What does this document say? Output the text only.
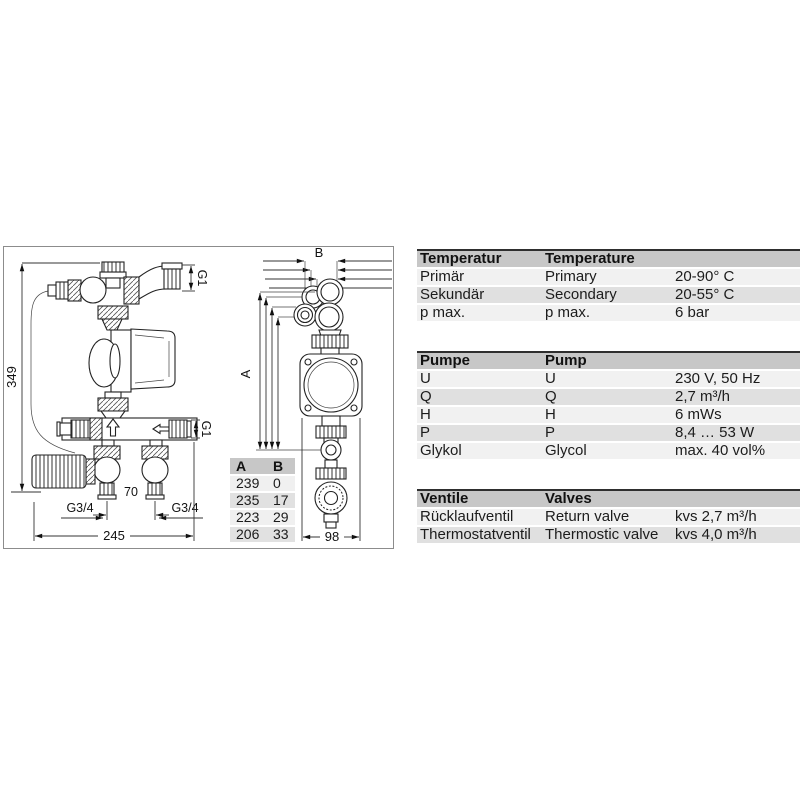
349
G1
G1
70
G3/4	G3/4
245
B
A
98
A	B
239	0
235	17
223	29
206	33
Temperatur	Temperature	
Primär	Primary	20-90° C
Sekundär	Secondary	20-55° C
p max.	p max.	6 bar
Pumpe	Pump	
U	U	230 V, 50 Hz
Q	Q	2,7 m³/h
H	H	6 mWs
P	P	8,4 … 53 W
Glykol	Glycol	max. 40 vol%
Ventile	Valves	
Rücklaufventil	Return valve	kvs 2,7 m³/h
Thermostatventil	Thermostic valve	kvs 4,0 m³/h
